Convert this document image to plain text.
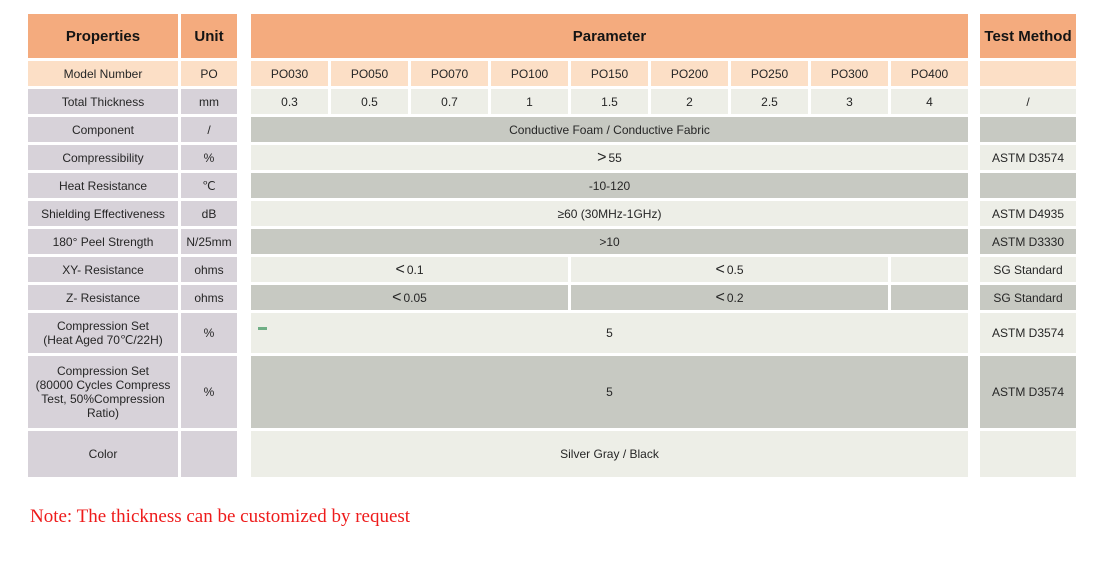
Properties	Unit		Parameter										Test Method
Model Number	PO		PO030	PO050	PO070	PO100	PO150	PO200	PO250	PO300	PO400		
Total Thickness	mm		0.3	0.5	0.7	1	1.5	2	2.5	3	4		/
Component	/		Conductive Foam / Conductive Fabric										
Compressibility	%		>55										ASTM D3574
Heat Resistance	℃		-10-120										
Shielding Effectiveness	dB		≥60 (30MHz-1GHz)										ASTM D4935
180° Peel Strength	N/25mm		>10										ASTM D3330
XY- Resistance	ohms		<0.1				<0.5						SG Standard
Z- Resistance	ohms		<0.05				<0.2						SG Standard

Compression Set
(Heat Aged 70℃/22H)	%		5										ASTM D3574

Compression Set
(80000 Cycles Compress
Test, 50%Compression
Ratio)	%		5										ASTM D3574
Color			Silver Gray / Black										
Note: The thickness can be customized by request
